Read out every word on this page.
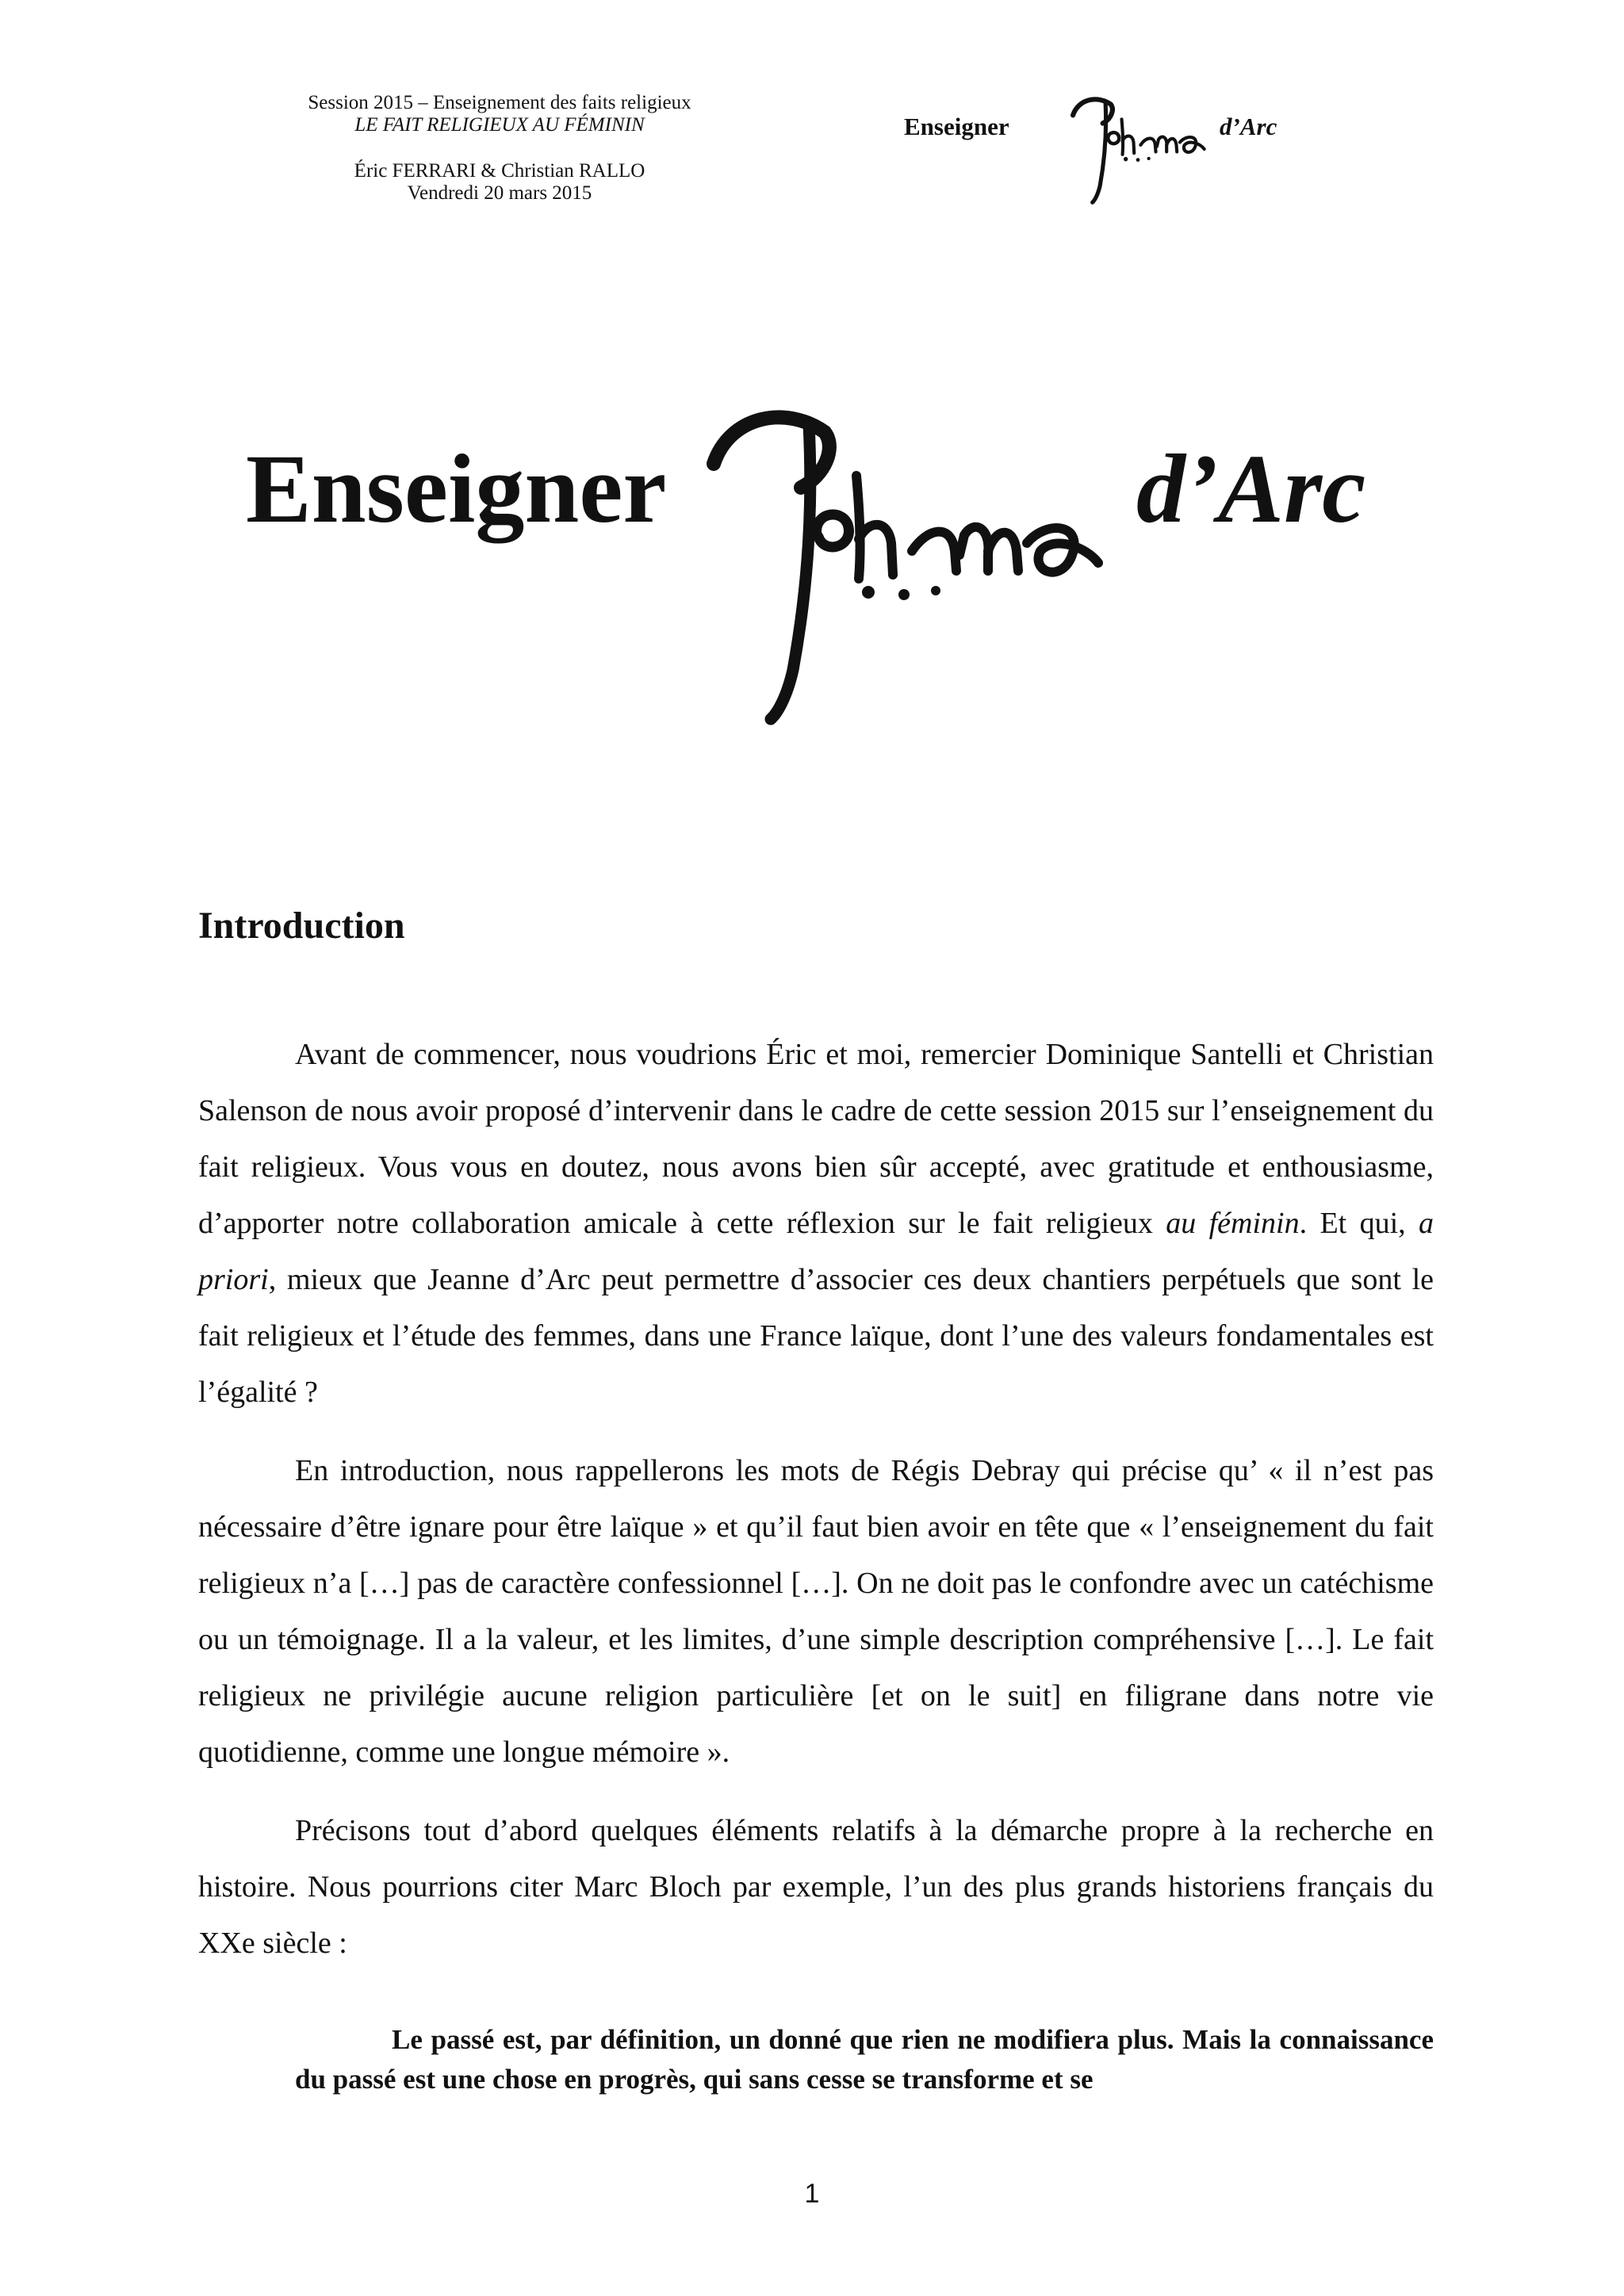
Session 2015 – Enseignement des faits religieux
LE FAIT RELIGIEUX AU FÉMININ
Éric FERRARI & Christian RALLO
Vendredi 20 mars 2015
Enseigner	d’Arc
Enseigner	d’Arc
Introduction

Avant de commencer, nous voudrions Éric et moi, remercier Dominique Santelli et Christian Salenson de nous avoir proposé d’intervenir dans le cadre de cette session 2015 sur l’enseignement du fait religieux. Vous vous en doutez, nous avons bien sûr accepté, avec gratitude et enthousiasme, d’apporter notre collaboration amicale à cette réflexion sur le fait religieux au féminin. Et qui, a priori, mieux que Jeanne d’Arc peut permettre d’associer ces deux chantiers perpétuels que sont le fait religieux et l’étude des femmes, dans une France laïque, dont l’une des valeurs fondamentales est l’égalité ?

En introduction, nous rappellerons les mots de Régis Debray qui précise qu’ « il n’est pas nécessaire d’être ignare pour être laïque » et qu’il faut bien avoir en tête que « l’enseignement du fait religieux n’a […] pas de caractère confessionnel […]. On ne doit pas le confondre avec un catéchisme ou un témoignage. Il a la valeur, et les limites, d’une simple description compréhensive […]. Le fait religieux ne privilégie aucune religion particulière [et on le suit] en filigrane dans notre vie quotidienne, comme une longue mémoire ».

Précisons tout d’abord quelques éléments relatifs à la démarche propre à la recherche en histoire. Nous pourrions citer Marc Bloch par exemple, l’un des plus grands historiens français du XXe siècle :

Le passé est, par définition, un donné que rien ne modifiera plus. Mais la connaissance du passé est une chose en progrès, qui sans cesse se transforme et se

1
